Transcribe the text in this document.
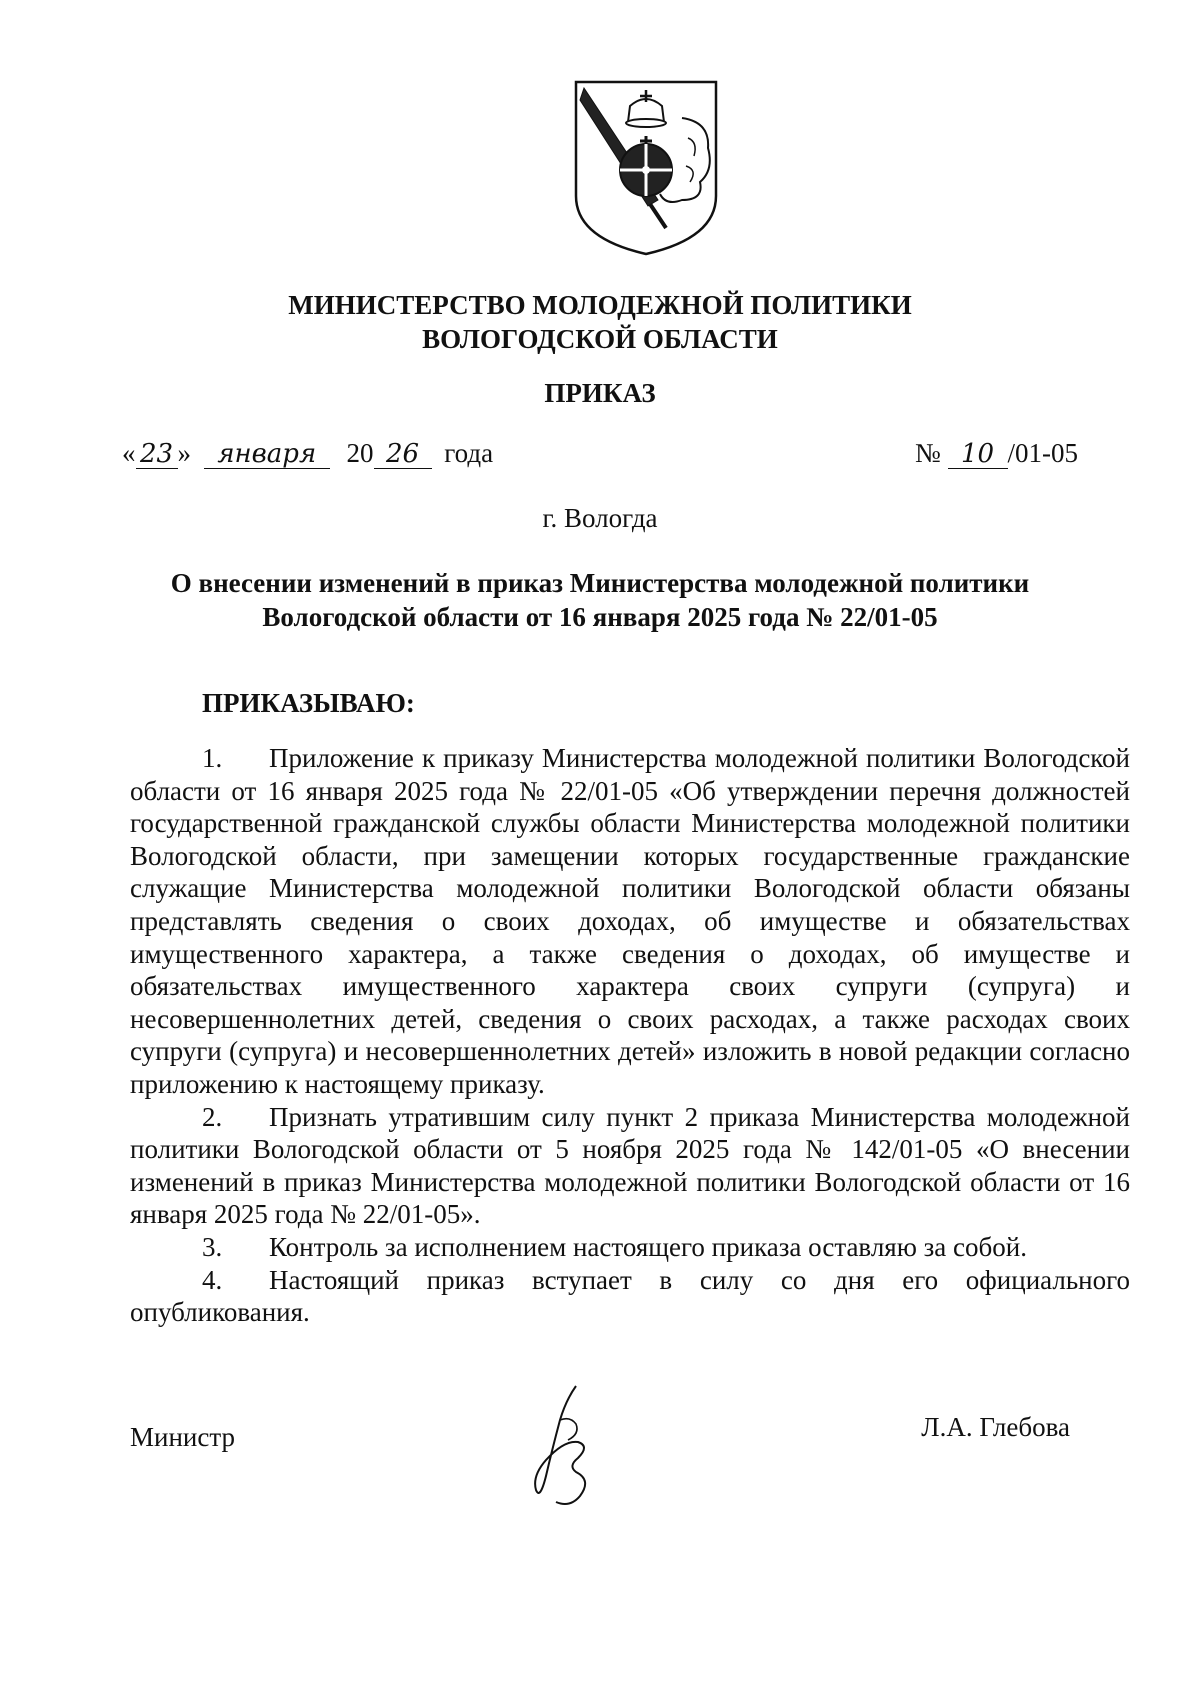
МИНИСТЕРСТВО МОЛОДЕЖНОЙ ПОЛИТИКИ
ВОЛОГОДСКОЙ ОБЛАСТИ
ПРИКАЗ
« 23 » января 20 26 года	№ 10 /01-05
г. Вологда
О внесении изменений в приказ Министерства молодежной политики
Вологодской области от 16 января 2025 года № 22/01-05
ПРИКАЗЫВАЮ:

1. Приложение к приказу Министерства молодежной политики Вологодской области от 16 января 2025 года № 22/01-05 «Об утверждении перечня должностей государственной гражданской службы области Министерства молодежной политики Вологодской области, при замещении которых государственные гражданские служащие Министерства молодежной политики Вологодской области обязаны представлять сведения о своих доходах, об имуществе и обязательствах имущественного характера, а также сведения о доходах, об имуществе и обязательствах имущественного характера своих супруги (супруга) и несовершеннолетних детей, сведения о своих расходах, а также расходах своих супруги (супруга) и несовершеннолетних детей» изложить в новой редакции согласно приложению к настоящему приказу.

2. Признать утратившим силу пункт 2 приказа Министерства молодежной политики Вологодской области от 5 ноября 2025 года № 142/01-05 «О внесении изменений в приказ Министерства молодежной политики Вологодской области от 16 января 2025 года № 22/01-05».

3. Контроль за исполнением настоящего приказа оставляю за собой.

4. Настоящий приказ вступает в силу со дня его официального опубликования.

Министр	Л.А. Глебова
